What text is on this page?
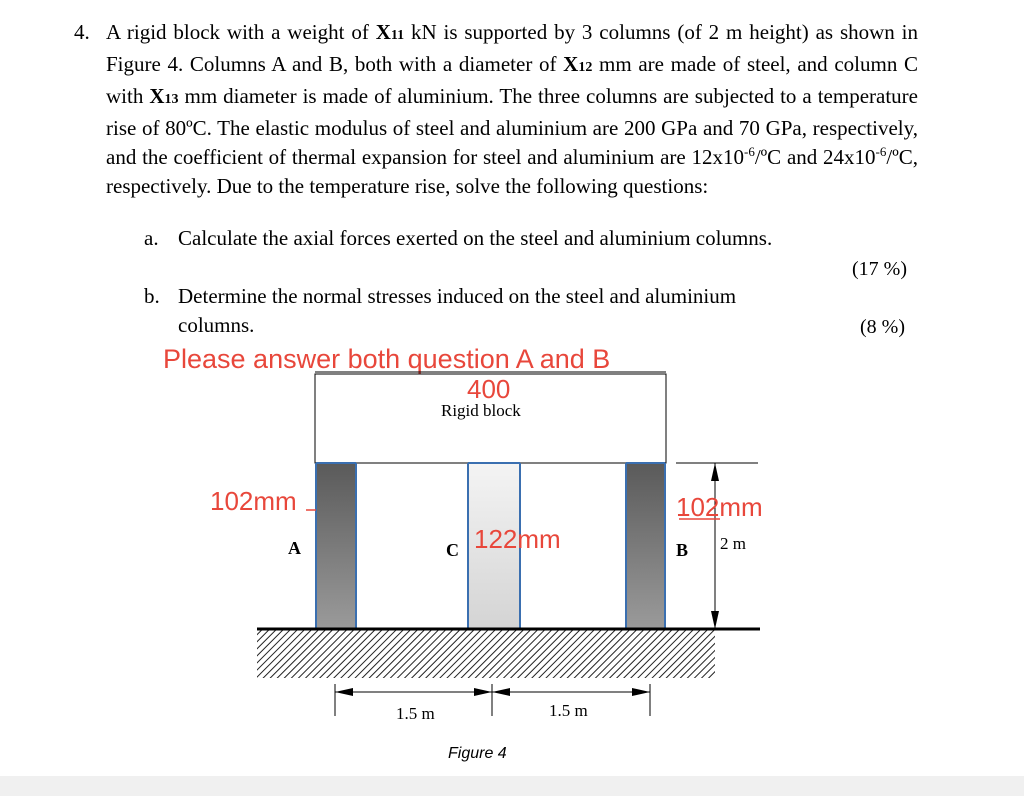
4. A rigid block with a weight of X11 kN is supported by 3 columns (of 2 m height) as shown in Figure 4. Columns A and B, both with a diameter of X12 mm are made of steel, and column C with X13 mm diameter is made of aluminium. The three columns are subjected to a temperature rise of 80ºC. The elastic modulus of steel and aluminium are 200 GPa and 70 GPa, respectively, and the coefficient of thermal expansion for steel and aluminium are $12x10^{-6}/ºC$ and $24x10^{-6}/ºC$, respectively. Due to the temperature rise, solve the following questions:
a. Calculate the axial forces exerted on the steel and aluminium columns.
(17 %)
b. Determine the normal stresses induced on the steel and aluminium
columns.	(8 %)
Please answer both question A and B
400
Rigid block
102mm
122mm
102mm
A	C	B 2 m
1.5 m	1.5 m
Figure 4
